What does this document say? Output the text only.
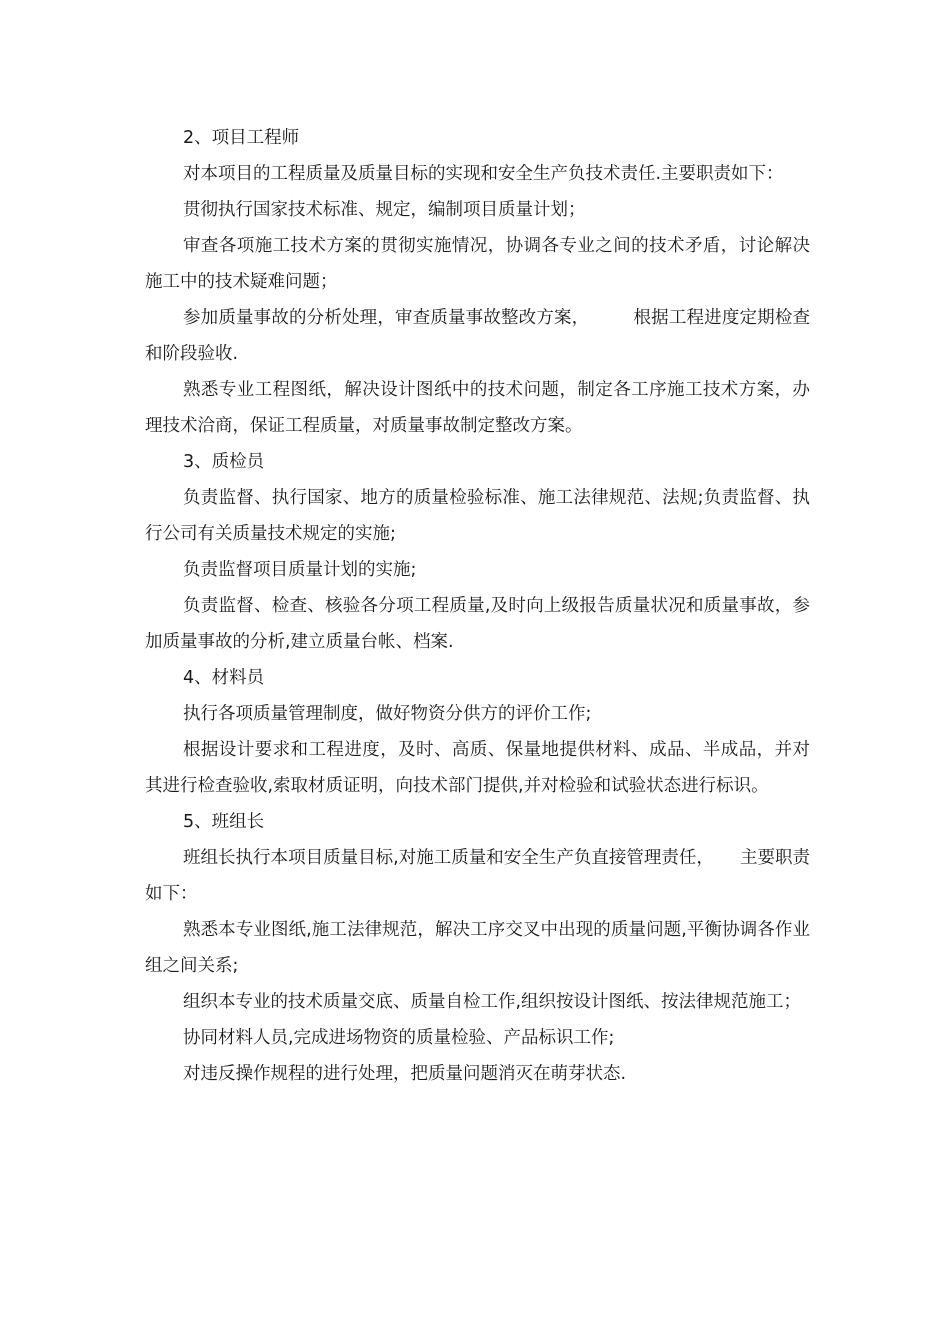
2、项目工程师

对本项目的工程质量及质量目标的实现和安全生产负技术责任.主要职责如下：

贯彻执行国家技术标准、规定，编制项目质量计划；

审查各项施工技术方案的贯彻实施情况，协调各专业之间的技术矛盾，讨论解决施工中的技术疑难问题；

参加质量事故的分析处理，审查质量事故整改方案，	根据工程进度定期检查和阶段验收.

熟悉专业工程图纸，解决设计图纸中的技术问题，制定各工序施工技术方案，办理技术洽商，保证工程质量，对质量事故制定整改方案。

3、质检员

负责监督、执行国家、地方的质量检验标准、施工法律规范、法规;负责监督、执行公司有关质量技术规定的实施;

负责监督项目质量计划的实施;

负责监督、检查、核验各分项工程质量,及时向上级报告质量状况和质量事故，参加质量事故的分析,建立质量台帐、档案.

4、材料员

执行各项质量管理制度，做好物资分供方的评价工作;

根据设计要求和工程进度，及时、高质、保量地提供材料、成品、半成品，并对其进行检查验收,索取材质证明，向技术部门提供,并对检验和试验状态进行标识。

5、班组长

班组长执行本项目质量目标,对施工质量和安全生产负直接管理责任， 主要职责如下：

熟悉本专业图纸,施工法律规范，解决工序交叉中出现的质量问题,平衡协调各作业组之间关系;

组织本专业的技术质量交底、质量自检工作,组织按设计图纸、按法律规范施工；

协同材料人员,完成进场物资的质量检验、产品标识工作;

对违反操作规程的进行处理，把质量问题消灭在萌芽状态.
